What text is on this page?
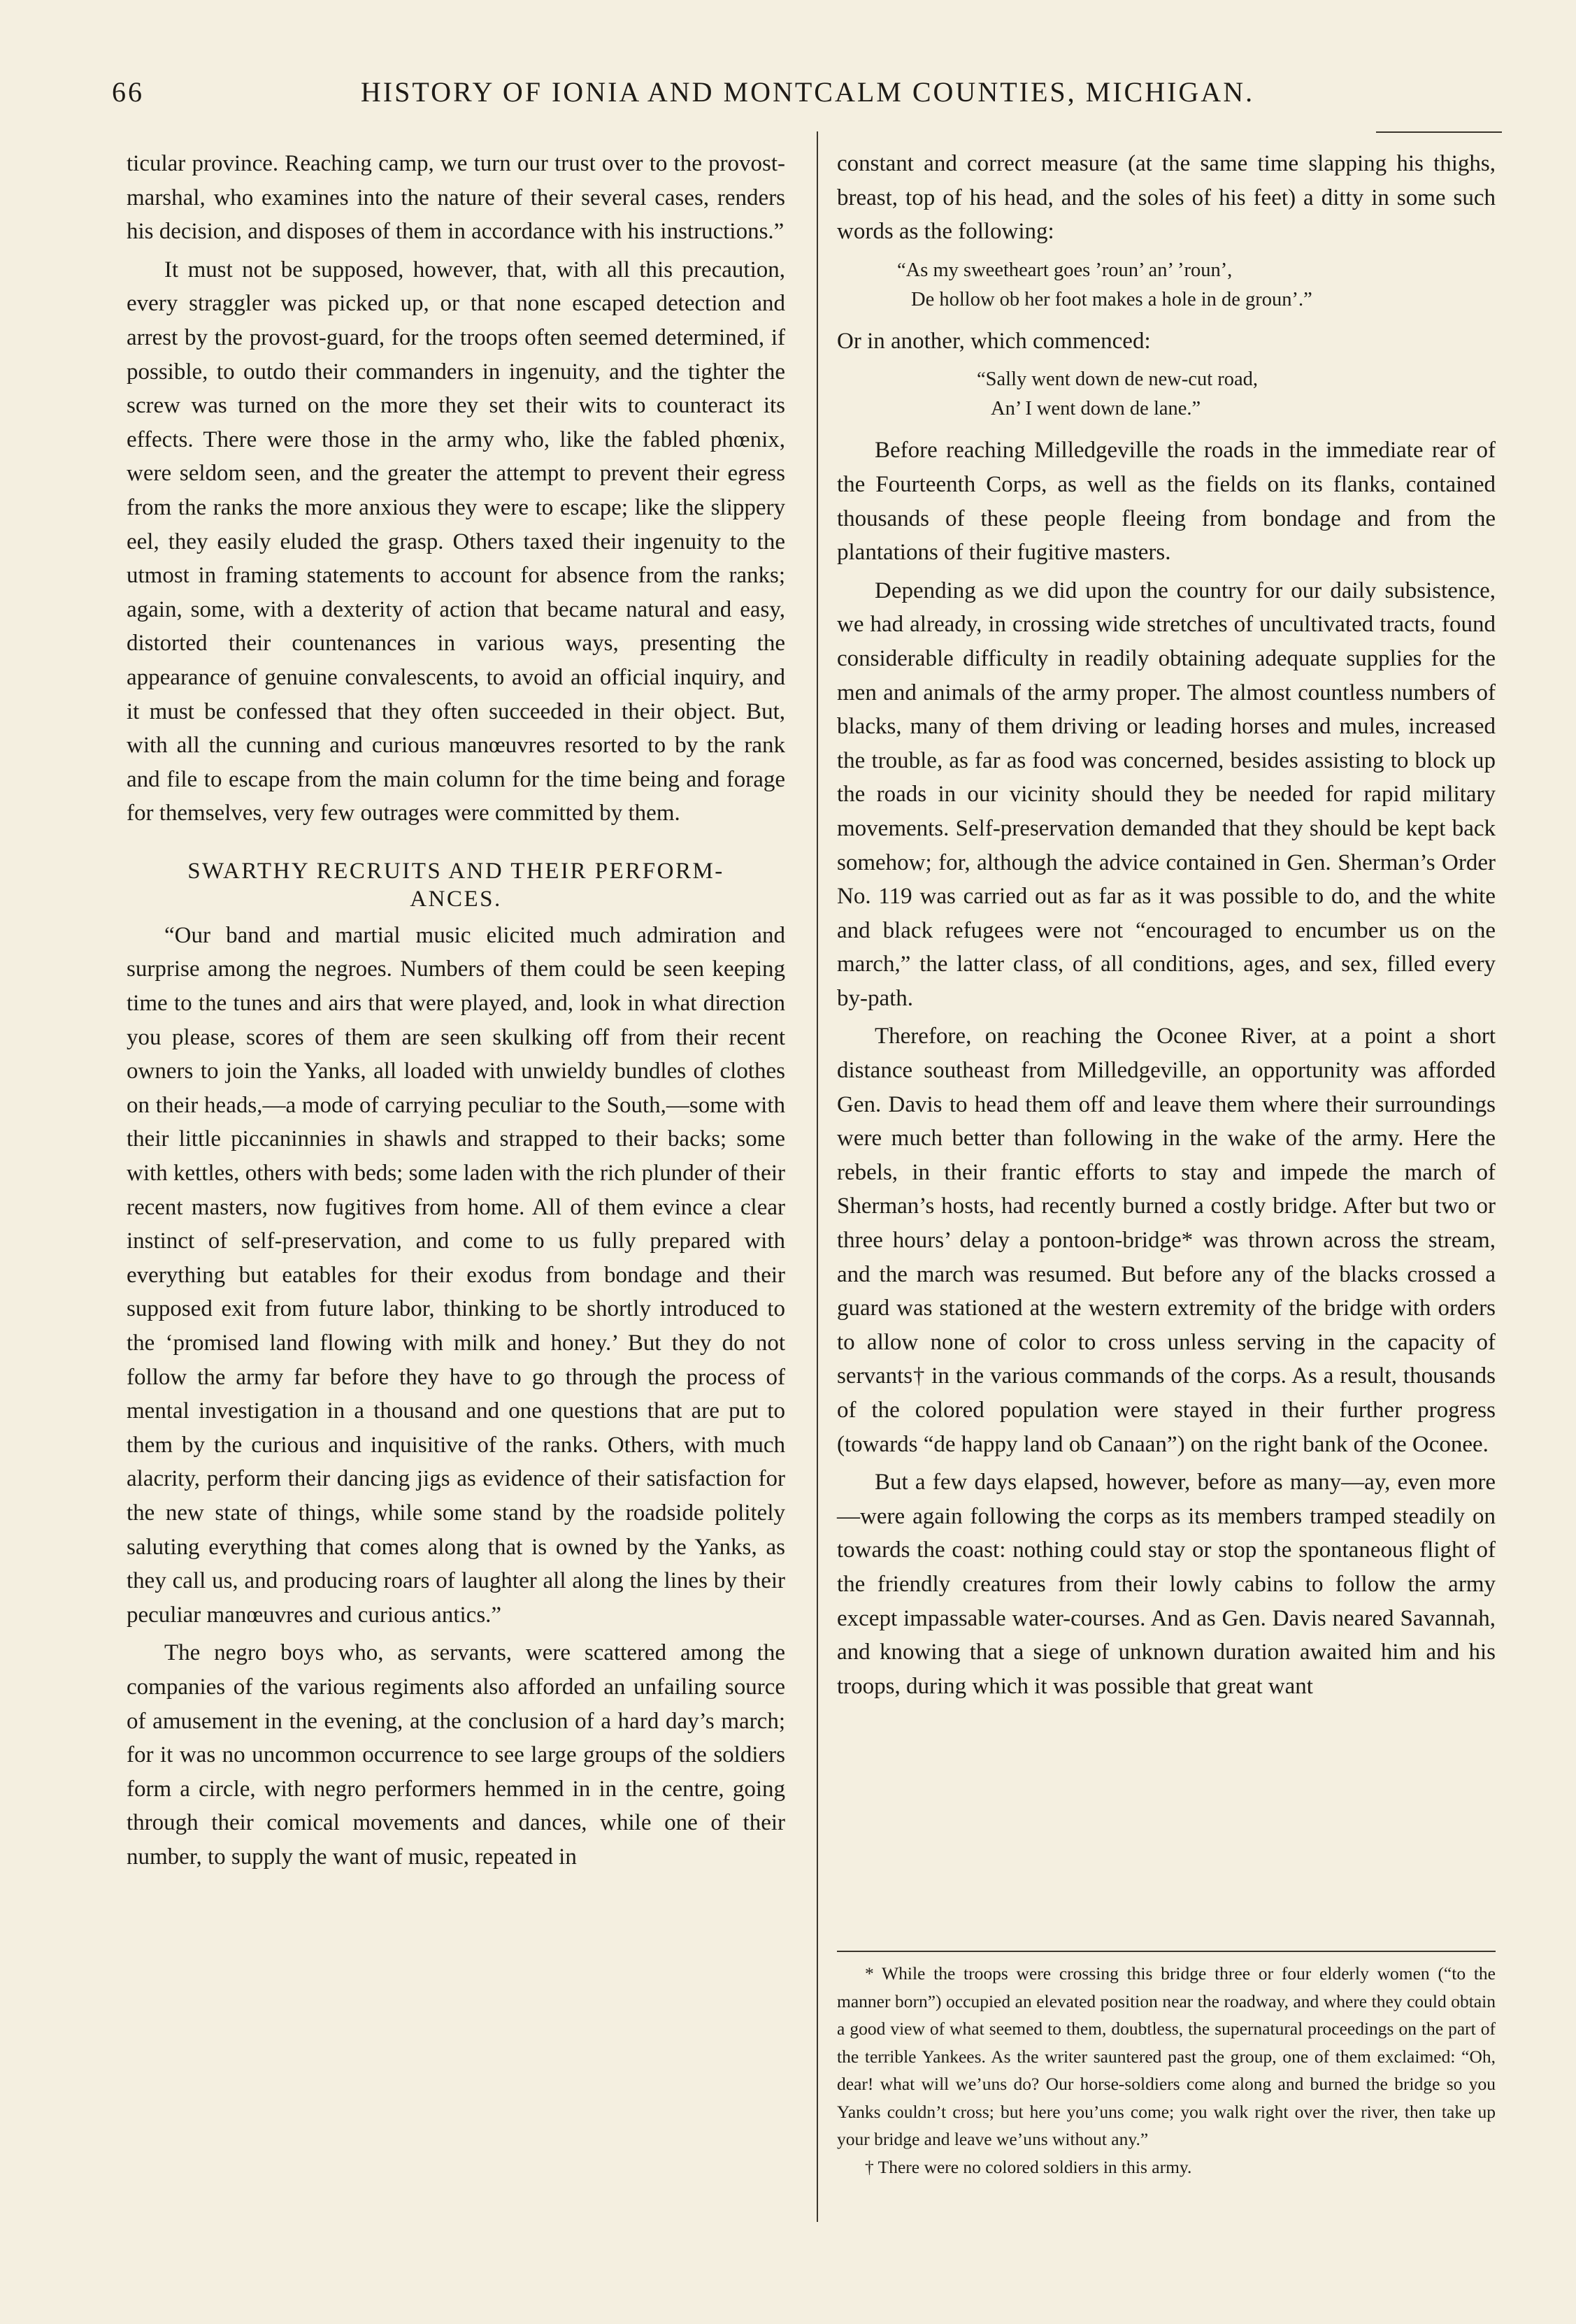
66	HISTORY OF IONIA AND MONTCALM COUNTIES, MICHIGAN.

ticular province. Reaching camp, we turn our trust over to the provost-marshal, who examines into the nature of their several cases, renders his decision, and disposes of them in accordance with his instructions.”

It must not be supposed, however, that, with all this precaution, every straggler was picked up, or that none escaped detection and arrest by the provost-guard, for the troops often seemed determined, if possible, to outdo their commanders in ingenuity, and the tighter the screw was turned on the more they set their wits to counteract its effects. There were those in the army who, like the fabled phœnix, were seldom seen, and the greater the attempt to prevent their egress from the ranks the more anxious they were to escape; like the slippery eel, they easily eluded the grasp. Others taxed their ingenuity to the utmost in framing statements to account for absence from the ranks; again, some, with a dexterity of action that became natural and easy, distorted their countenances in various ways, presenting the appearance of genuine convalescents, to avoid an official inquiry, and it must be confessed that they often succeeded in their object. But, with all the cunning and curious manœuvres resorted to by the rank and file to escape from the main column for the time being and forage for themselves, very few outrages were committed by them.

SWARTHY RECRUITS AND THEIR PERFORM-
ANCES.

“Our band and martial music elicited much admiration and surprise among the negroes. Numbers of them could be seen keeping time to the tunes and airs that were played, and, look in what direction you please, scores of them are seen skulking off from their recent owners to join the Yanks, all loaded with unwieldy bundles of clothes on their heads,—a mode of carrying peculiar to the South,—some with their little piccaninnies in shawls and strapped to their backs; some with kettles, others with beds; some laden with the rich plunder of their recent masters, now fugitives from home. All of them evince a clear instinct of self-preservation, and come to us fully prepared with everything but eatables for their exodus from bondage and their supposed exit from future labor, thinking to be shortly introduced to the ‘promised land flowing with milk and honey.’ But they do not follow the army far before they have to go through the process of mental investigation in a thousand and one questions that are put to them by the curious and inquisitive of the ranks. Others, with much alacrity, perform their dancing jigs as evidence of their satisfaction for the new state of things, while some stand by the roadside politely saluting everything that comes along that is owned by the Yanks, as they call us, and producing roars of laughter all along the lines by their peculiar manœuvres and curious antics.”

The negro boys who, as servants, were scattered among the companies of the various regiments also afforded an unfailing source of amusement in the evening, at the conclusion of a hard day’s march; for it was no uncommon occurrence to see large groups of the soldiers form a circle, with negro performers hemmed in in the centre, going through their comical movements and dances, while one of their number, to supply the want of music, repeated in

constant and correct measure (at the same time slapping his thighs, breast, top of his head, and the soles of his feet) a ditty in some such words as the following:

“As my sweetheart goes ’roun’ an’ ’roun’,
De hollow ob her foot makes a hole in de groun’.”

Or in another, which commenced:

“Sally went down de new-cut road,
An’ I went down de lane.”

Before reaching Milledgeville the roads in the immediate rear of the Fourteenth Corps, as well as the fields on its flanks, contained thousands of these people fleeing from bondage and from the plantations of their fugitive masters.

Depending as we did upon the country for our daily subsistence, we had already, in crossing wide stretches of uncultivated tracts, found considerable difficulty in readily obtaining adequate supplies for the men and animals of the army proper. The almost countless numbers of blacks, many of them driving or leading horses and mules, increased the trouble, as far as food was concerned, besides assisting to block up the roads in our vicinity should they be needed for rapid military movements. Self-preservation demanded that they should be kept back somehow; for, although the advice contained in Gen. Sherman’s Order No. 119 was carried out as far as it was possible to do, and the white and black refugees were not “encouraged to encumber us on the march,” the latter class, of all conditions, ages, and sex, filled every by-path.

Therefore, on reaching the Oconee River, at a point a short distance southeast from Milledgeville, an opportunity was afforded Gen. Davis to head them off and leave them where their surroundings were much better than following in the wake of the army. Here the rebels, in their frantic efforts to stay and impede the march of Sherman’s hosts, had recently burned a costly bridge. After but two or three hours’ delay a pontoon-bridge* was thrown across the stream, and the march was resumed. But before any of the blacks crossed a guard was stationed at the western extremity of the bridge with orders to allow none of color to cross unless serving in the capacity of servants† in the various commands of the corps. As a result, thousands of the colored population were stayed in their further progress (towards “de happy land ob Canaan”) on the right bank of the Oconee.

But a few days elapsed, however, before as many—ay, even more—were again following the corps as its members tramped steadily on towards the coast: nothing could stay or stop the spontaneous flight of the friendly creatures from their lowly cabins to follow the army except impassable water-courses. And as Gen. Davis neared Savannah, and knowing that a siege of unknown duration awaited him and his troops, during which it was possible that great want

* While the troops were crossing this bridge three or four elderly women (“to the manner born”) occupied an elevated position near the roadway, and where they could obtain a good view of what seemed to them, doubtless, the supernatural proceedings on the part of the terrible Yankees. As the writer sauntered past the group, one of them exclaimed: “Oh, dear! what will we’uns do? Our horse-soldiers come along and burned the bridge so you Yanks couldn’t cross; but here you’uns come; you walk right over the river, then take up your bridge and leave we’uns without any.”

† There were no colored soldiers in this army.
